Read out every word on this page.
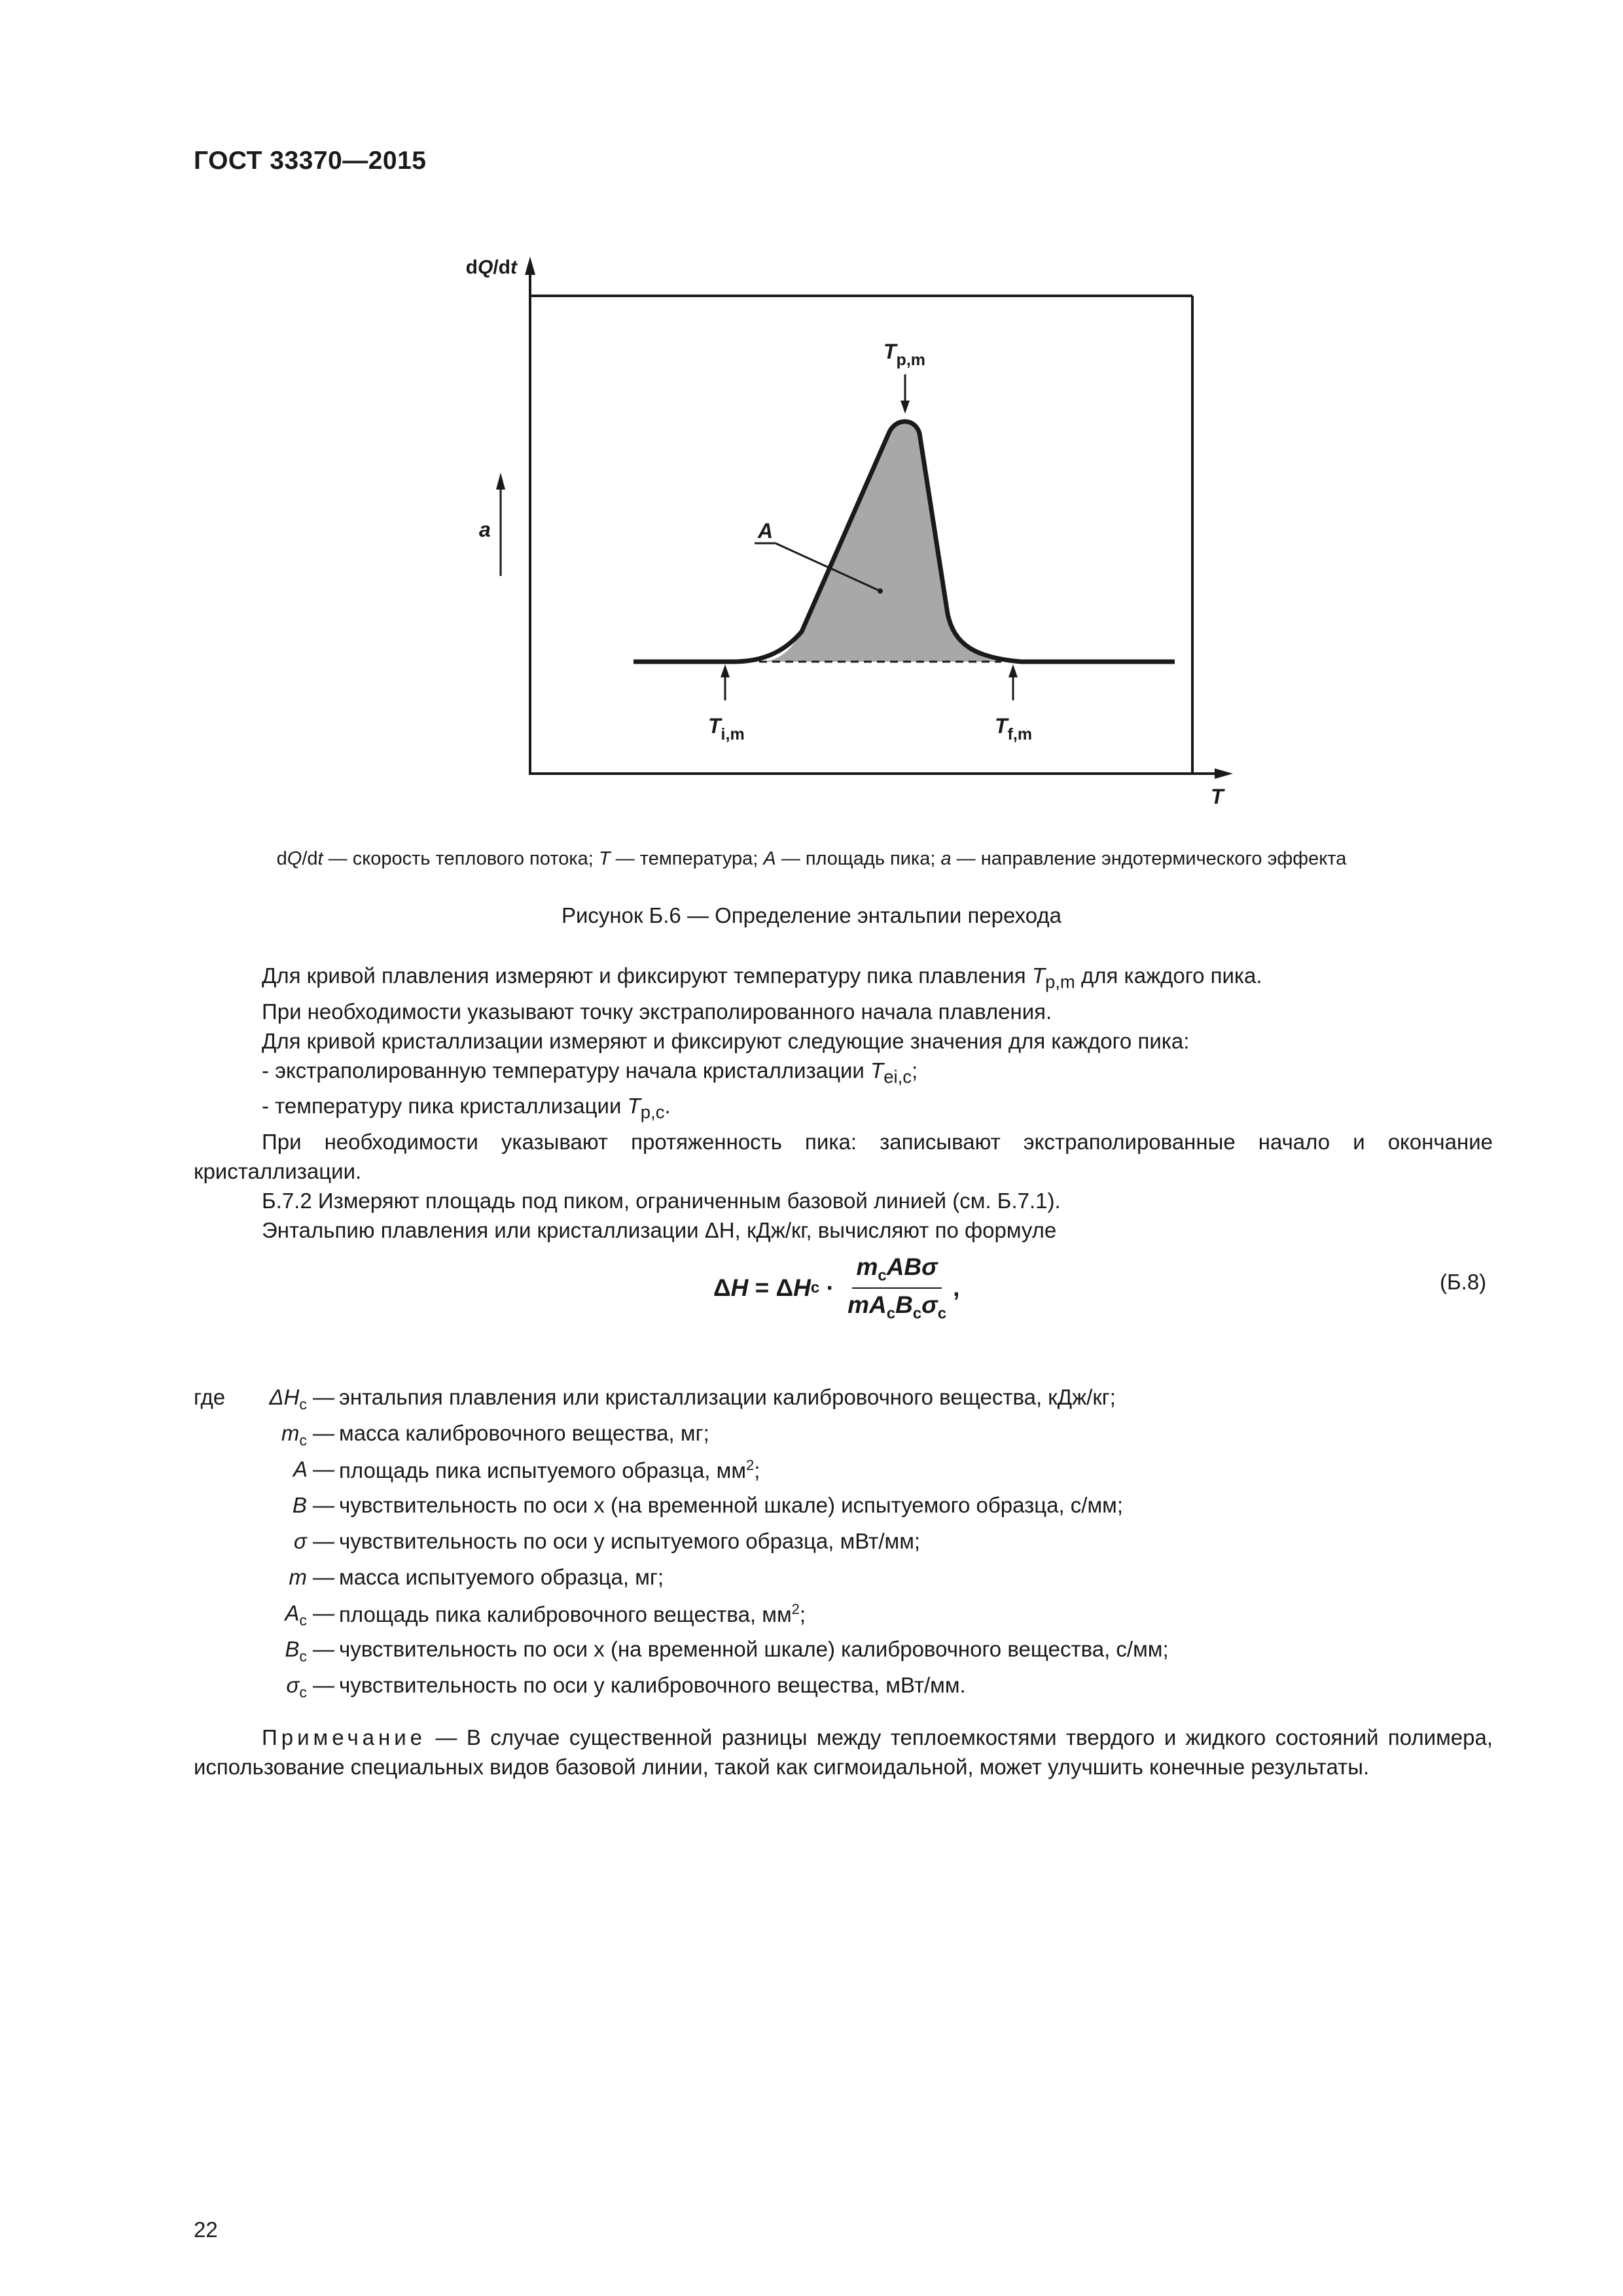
ГОСТ 33370—2015
dQ/dt
T
a	A
$T_{p,m}$
$T_{i,m}$	$T_{f,m}$
dQ/dt — скорость теплового потока; T — температура; A — площадь пика; a — направление эндотермического эффекта
Рисунок Б.6 — Определение энтальпии перехода

Для кривой плавления измеряют и фиксируют температуру пика плавления $T_{p,m}$ для каждого пика.

При необходимости указывают точку экстраполированного начала плавления.

Для кривой кристаллизации измеряют и фиксируют следующие значения для каждого пика:

- экстраполированную температуру начала кристаллизации $T_{ei,c}$;

- температуру пика кристаллизации $T_{p,c}$.

При необходимости указывают протяженность пика: записывают экстраполированные начало и окончание кристаллизации.

Б.7.2 Измеряют площадь под пиком, ограниченным базовой линией (см. Б.7.1).

Энтальпию плавления или кристаллизации ΔH, кДж/кг, вычисляют по формуле

Δ H = Δ H $c \cdot \frac{m_cAB\sigma}{mA_cB_c\sigma_c}$ ,	(Б.8)
где $\Delta H_c$ — энтальпия плавления или кристаллизации калибровочного вещества, кДж/кг;
$m_c$ — масса калибровочного вещества, мг;
A — площадь пика испытуемого образца, $мм^2$;
B — чувствительность по оси x (на временной шкале) испытуемого образца, с/мм;
σ — чувствительность по оси y испытуемого образца, мВт/мм;
m — масса испытуемого образца, мг;
$A_c$ — площадь пика калибровочного вещества, $мм^2$;
$B_c$ — чувствительность по оси x (на временной шкале) калибровочного вещества, с/мм;
$\sigma_c$ — чувствительность по оси y калибровочного вещества, мВт/мм.
Примечание — В случае существенной разницы между теплоемкостями твердого и жидкого состояний полимера, использование специальных видов базовой линии, такой как сигмоидальной, может улучшить конечные результаты.
22
